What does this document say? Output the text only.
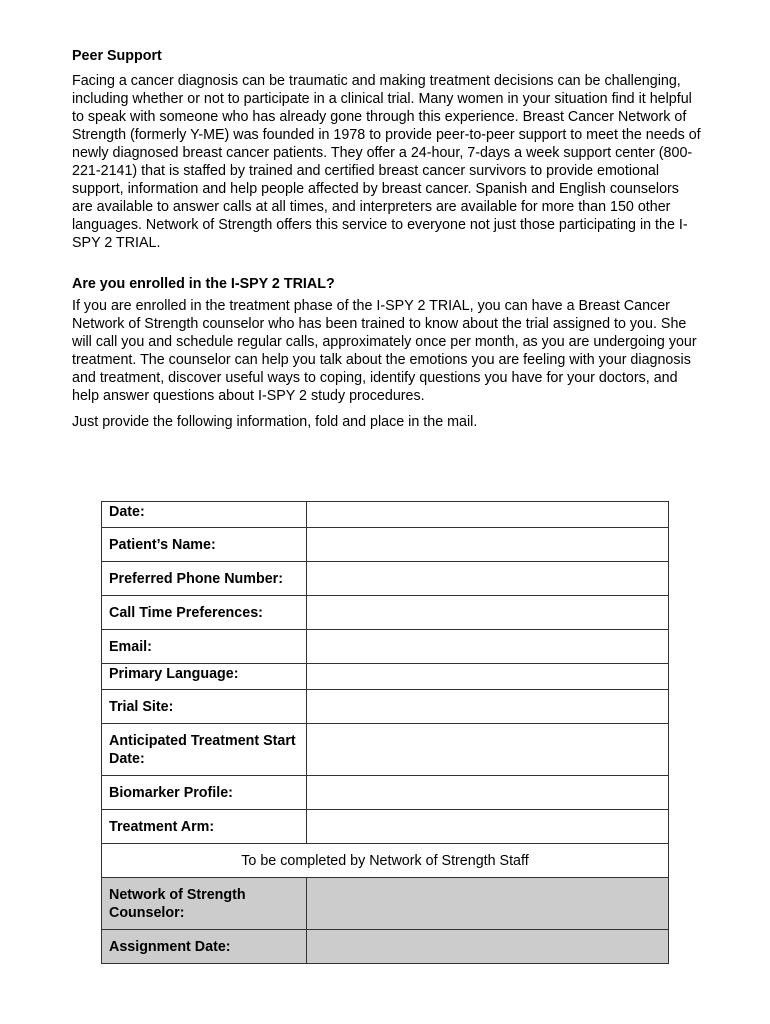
Peer Support

Facing a cancer diagnosis can be traumatic and making treatment decisions can be challenging, including whether or not to participate in a clinical trial. Many women in your situation find it helpful to speak with someone who has already gone through this experience. Breast Cancer Network of Strength (formerly Y-ME) was founded in 1978 to provide peer-to-peer support to meet the needs of newly diagnosed breast cancer patients. They offer a 24-hour, 7-days a week support center (800-221-2141) that is staffed by trained and certified breast cancer survivors to provide emotional support, information and help people affected by breast cancer. Spanish and English counselors are available to answer calls at all times, and interpreters are available for more than 150 other languages. Network of Strength offers this service to everyone not just those participating in the I-SPY 2 TRIAL.

Are you enrolled in the I-SPY 2 TRIAL?

If you are enrolled in the treatment phase of the I-SPY 2 TRIAL, you can have a Breast Cancer Network of Strength counselor who has been trained to know about the trial assigned to you. She will call you and schedule regular calls, approximately once per month, as you are undergoing your treatment. The counselor can help you talk about the emotions you are feeling with your diagnosis and treatment, discover useful ways to coping, identify questions you have for your doctors, and help answer questions about I-SPY 2 study procedures.

Just provide the following information, fold and place in the mail.

Date:	
Patient’s Name:	
Preferred Phone Number:	
Call Time Preferences:	
Email:	
Primary Language:	
Trial Site:	
Anticipated Treatment Start Date:	
Biomarker Profile:	
Treatment Arm:	
To be completed by Network of Strength Staff	
Network of Strength Counselor:	
Assignment Date:	
